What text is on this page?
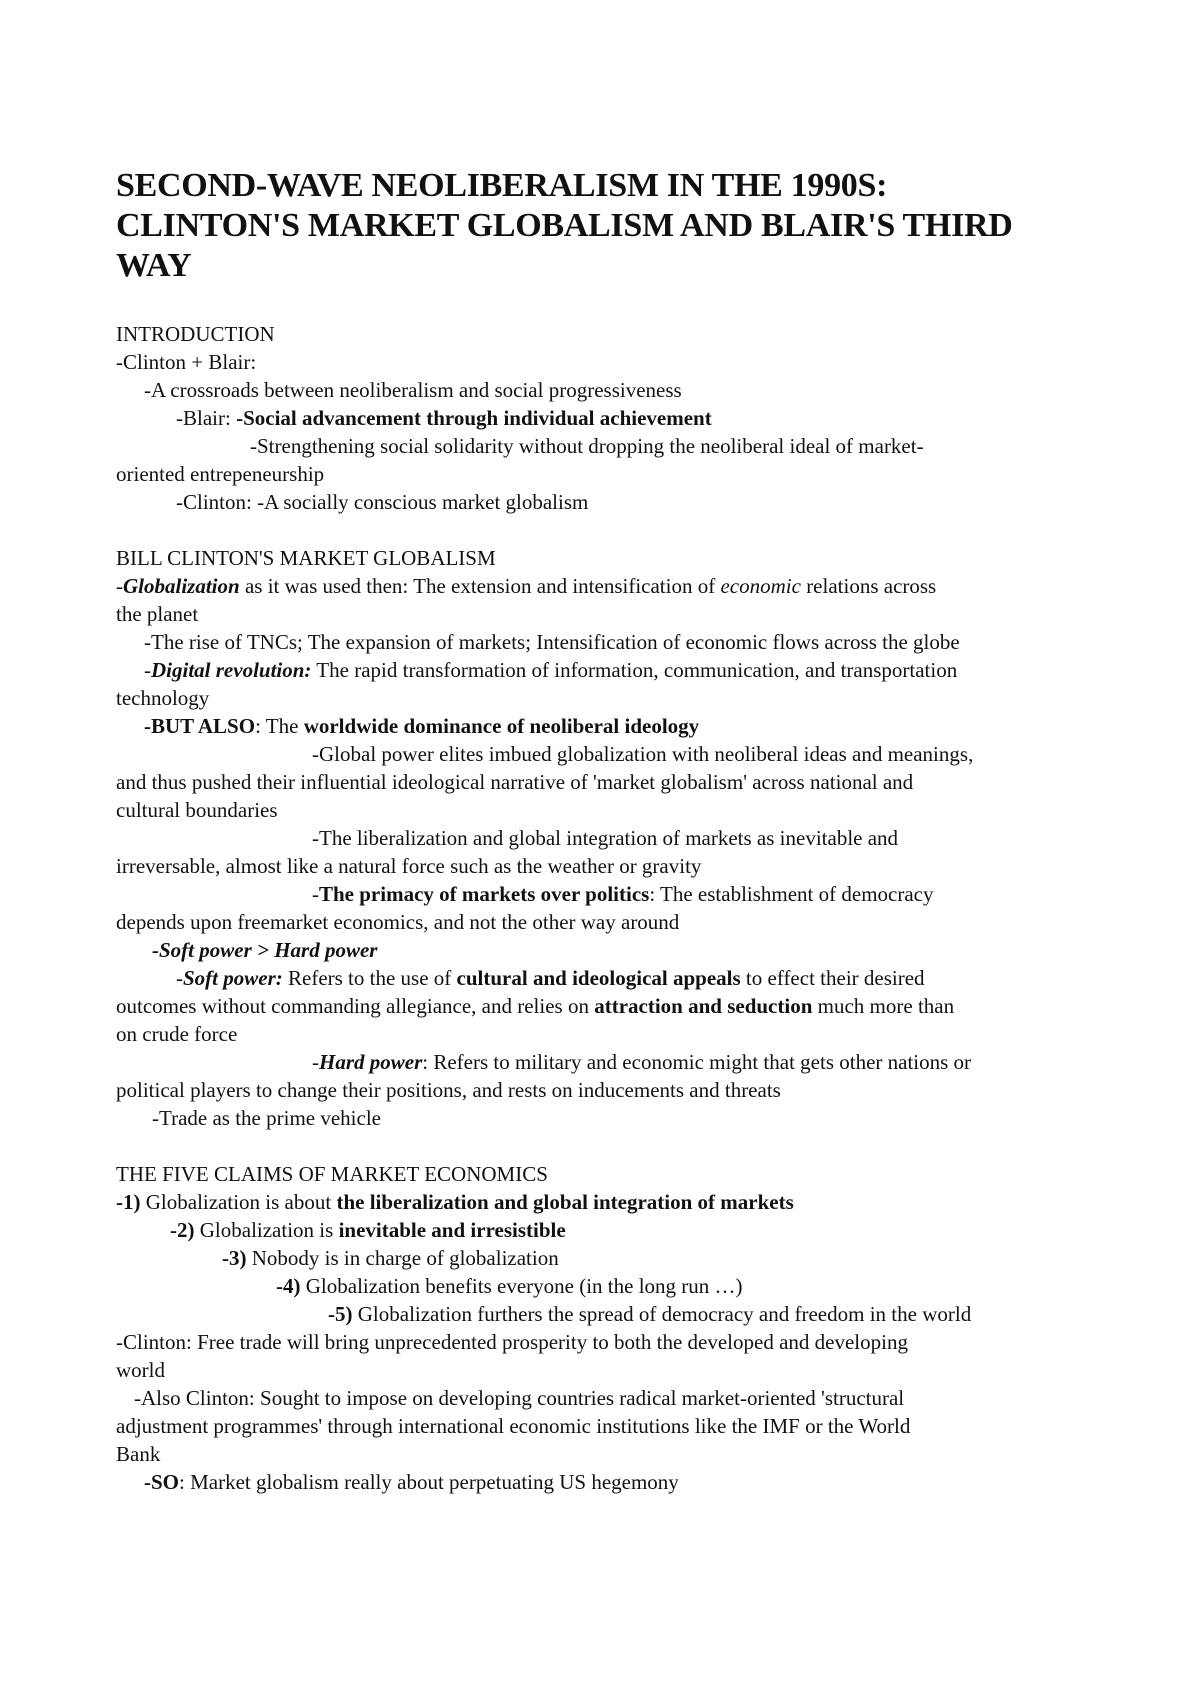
SECOND-WAVE NEOLIBERALISM IN THE 1990S:
CLINTON'S MARKET GLOBALISM AND BLAIR'S THIRD
WAY

INTRODUCTION

-Clinton + Blair:

-A crossroads between neoliberalism and social progressiveness

-Blair: -Social advancement through individual achievement

-Strengthening social solidarity without dropping the neoliberal ideal of market-

oriented entrepeneurship

-Clinton: -A socially conscious market globalism

BILL CLINTON'S MARKET GLOBALISM

-Globalization as it was used then: The extension and intensification of economic relations across

the planet

-The rise of TNCs; The expansion of markets; Intensification of economic flows across the globe

-Digital revolution: The rapid transformation of information, communication, and transportation

technology

-BUT ALSO: The worldwide dominance of neoliberal ideology

-Global power elites imbued globalization with neoliberal ideas and meanings,

and thus pushed their influential ideological narrative of 'market globalism' across national and

cultural boundaries

-The liberalization and global integration of markets as inevitable and

irreversable, almost like a natural force such as the weather or gravity

-The primacy of markets over politics: The establishment of democracy

depends upon freemarket economics, and not the other way around

-Soft power > Hard power

-Soft power: Refers to the use of cultural and ideological appeals to effect their desired

outcomes without commanding allegiance, and relies on attraction and seduction much more than

on crude force

-Hard power: Refers to military and economic might that gets other nations or

political players to change their positions, and rests on inducements and threats

-Trade as the prime vehicle

THE FIVE CLAIMS OF MARKET ECONOMICS

-1) Globalization is about the liberalization and global integration of markets

-2) Globalization is inevitable and irresistible

-3) Nobody is in charge of globalization

-4) Globalization benefits everyone (in the long run …)

-5) Globalization furthers the spread of democracy and freedom in the world

-Clinton: Free trade will bring unprecedented prosperity to both the developed and developing

world

-Also Clinton: Sought to impose on developing countries radical market-oriented 'structural

adjustment programmes' through international economic institutions like the IMF or the World

Bank

-SO: Market globalism really about perpetuating US hegemony
